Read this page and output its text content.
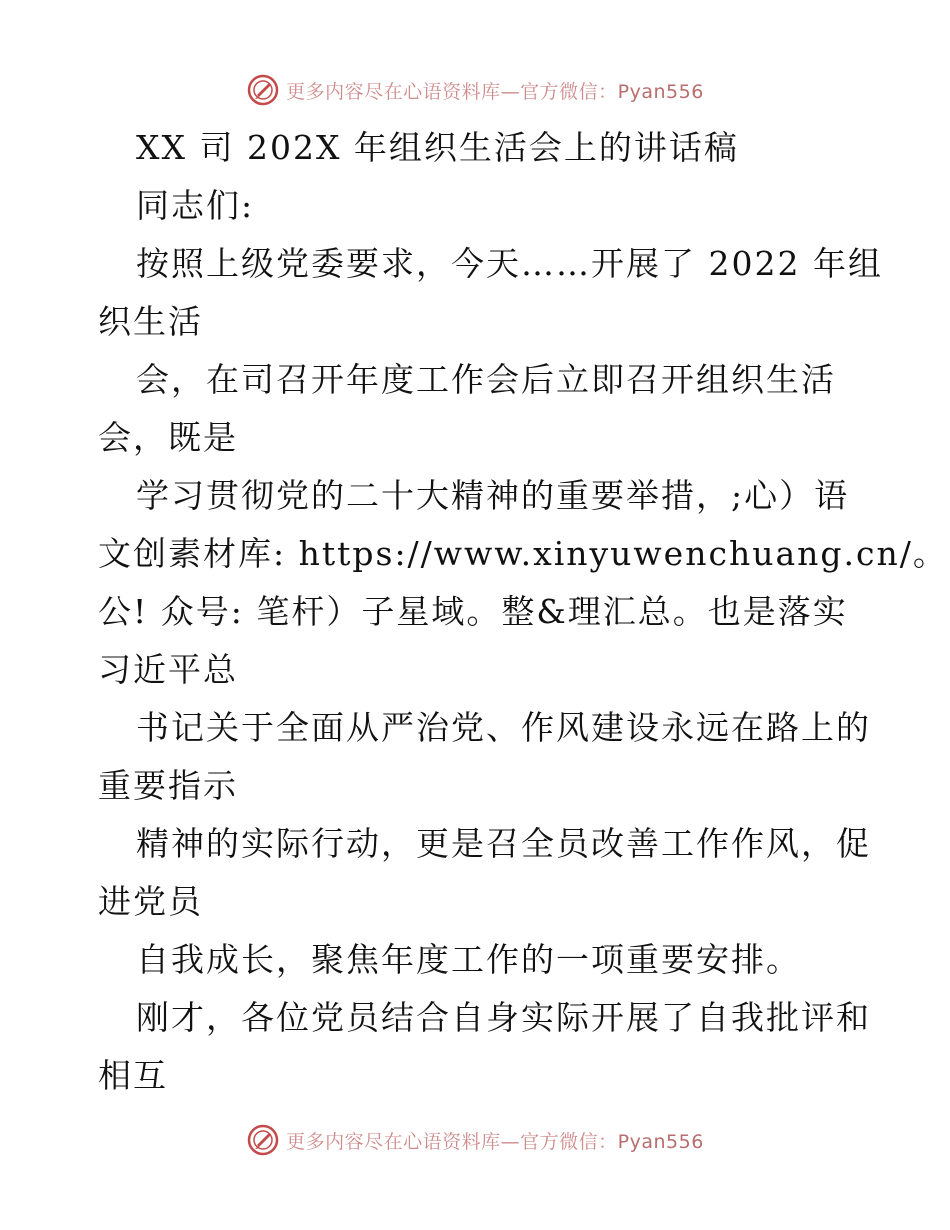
更多内容尽在心语资料库—官方微信：Pyan556
XX 司 202X 年组织生活会上的讲话稿
同志们:
按照上级党委要求，今天……开展了 2022 年组
织生活
会，在司召开年度工作会后立即召开组织生活
会，既是
学习贯彻党的二十大精神的重要举措，;心）语
文创素材库: https://www.xinyuwenchuang.cn/。
公! 众号: 笔杆）子星域。整&理汇总。也是落实
习近平总
书记关于全面从严治党、作风建设永远在路上的
重要指示
精神的实际行动，更是召全员改善工作作风，促
进党员
自我成长，聚焦年度工作的一项重要安排。
刚才，各位党员结合自身实际开展了自我批评和
相互
更多内容尽在心语资料库—官方微信：Pyan556
